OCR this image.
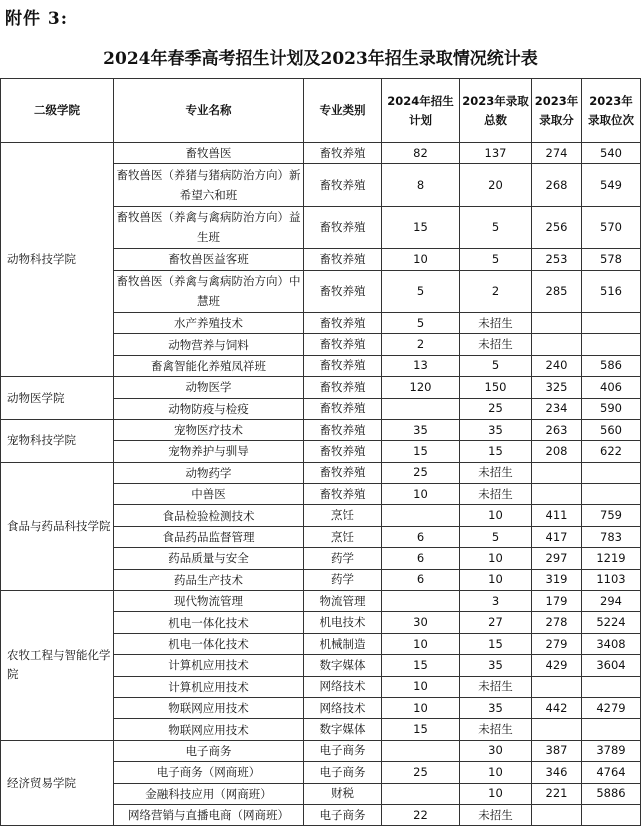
附件 3:
2024年春季高考招生计划及2023年招生录取情况统计表
二级学院	专业名称	专业类别	2024年招生计划	2023年录取总数	2023年录取分	2023年录取位次
动物科技学院	畜牧兽医	畜牧养殖	82	137	274	540
	畜牧兽医（养猪与猪病防治方向）新希望六和班	畜牧养殖	8	20	268	549
	畜牧兽医（养禽与禽病防治方向）益生班	畜牧养殖	15	5	256	570
	畜牧兽医益客班	畜牧养殖	10	5	253	578
	畜牧兽医（养禽与禽病防治方向）中慧班	畜牧养殖	5	2	285	516
	水产养殖技术	畜牧养殖	5	未招生		
	动物营养与饲料	畜牧养殖	2	未招生		
	畜禽智能化养殖凤祥班	畜牧养殖	13	5	240	586
动物医学院	动物医学	畜牧养殖	120	150	325	406
	动物防疫与检疫	畜牧养殖		25	234	590
宠物科技学院	宠物医疗技术	畜牧养殖	35	35	263	560
	宠物养护与驯导	畜牧养殖	15	15	208	622
食品与药品科技学院	动物药学	畜牧养殖	25	未招生		
	中兽医	畜牧养殖	10	未招生		
	食品检验检测技术	烹饪		10	411	759
	食品药品监督管理	烹饪	6	5	417	783
	药品质量与安全	药学	6	10	297	1219
	药品生产技术	药学	6	10	319	1103
农牧工程与智能化学院	现代物流管理	物流管理		3	179	294
	机电一体化技术	机电技术	30	27	278	5224
	机电一体化技术	机械制造	10	15	279	3408
	计算机应用技术	数字媒体	15	35	429	3604
	计算机应用技术	网络技术	10	未招生		
	物联网应用技术	网络技术	10	35	442	4279
	物联网应用技术	数字媒体	15	未招生		
经济贸易学院	电子商务	电子商务		30	387	3789
	电子商务（网商班）	电子商务	25	10	346	4764
	金融科技应用（网商班）	财税		10	221	5886
	网络营销与直播电商（网商班）	电子商务	22	未招生		
